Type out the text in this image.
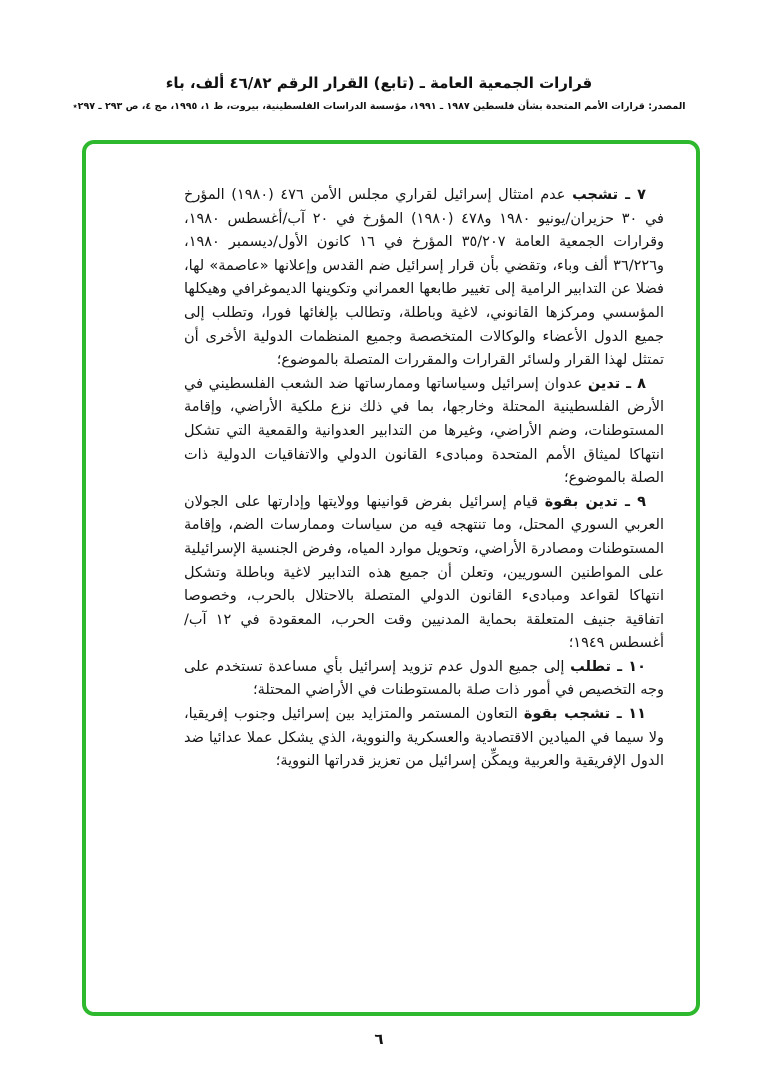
قرارات الجمعية العامة ـ (تابع) القرار الرقم ٤٦/٨٢ ألف، باء
المصدر: قرارات الأمم المتحدة بشأن فلسطين ١٩٨٧ ـ ١٩٩١، مؤسسة الدراسات الفلسطينية، بيروت، ط ١، ١٩٩٥، مج ٤، ص ٢٩٣ ـ ٢٩٧٭

٧ ـ تشجب عدم امتثال إسرائيل لقراري مجلس الأمن ٤٧٦ (١٩٨٠) المؤرخ في ٣٠ حزيران/يونيو ١٩٨٠ و٤٧٨ (١٩٨٠) المؤرخ في ٢٠ آب/أغسطس ١٩٨٠، وقرارات الجمعية العامة ٣٥/٢٠٧ المؤرخ في ١٦ كانون الأول/ديسمبر ١٩٨٠، و٣٦/٢٢٦ ألف وباء، وتقضي بأن قرار إسرائيل ضم القدس وإعلانها «عاصمة» لها، فضلا عن التدابير الرامية إلى تغيير طابعها العمراني وتكوينها الديموغرافي وهيكلها المؤسسي ومركزها القانوني، لاغية وباطلة، وتطالب بإلغائها فورا، وتطلب إلى جميع الدول الأعضاء والوكالات المتخصصة وجميع المنظمات الدولية الأخرى أن تمتثل لهذا القرار ولسائر القرارات والمقررات المتصلة بالموضوع؛

٨ ـ تدين عدوان إسرائيل وسياساتها وممارساتها ضد الشعب الفلسطيني في الأرض الفلسطينية المحتلة وخارجها، بما في ذلك نزع ملكية الأراضي، وإقامة المستوطنات، وضم الأراضي، وغيرها من التدابير العدوانية والقمعية التي تشكل انتهاكا لميثاق الأمم المتحدة ومبادىء القانون الدولي والاتفاقيات الدولية ذات الصلة بالموضوع؛

٩ ـ تدين بقوة قيام إسرائيل بفرض قوانينها وولايتها وإدارتها على الجولان العربي السوري المحتل، وما تنتهجه فيه من سياسات وممارسات الضم، وإقامة المستوطنات ومصادرة الأراضي، وتحويل موارد المياه، وفرض الجنسية الإسرائيلية على المواطنين السوريين، وتعلن أن جميع هذه التدابير لاغية وباطلة وتشكل انتهاكا لقواعد ومبادىء القانون الدولي المتصلة بالاحتلال بالحرب، وخصوصا اتفاقية جنيف المتعلقة بحماية المدنيين وقت الحرب، المعقودة في ١٢ آب/أغسطس ١٩٤٩؛

١٠ ـ تطلب إلى جميع الدول عدم تزويد إسرائيل بأي مساعدة تستخدم على وجه التخصيص في أمور ذات صلة بالمستوطنات في الأراضي المحتلة؛

١١ ـ تشجب بقوة التعاون المستمر والمتزايد بين إسرائيل وجنوب إفريقيا، ولا سيما في الميادين الاقتصادية والعسكرية والنووية، الذي يشكل عملا عدائيا ضد الدول الإفريقية والعربية ويمكِّن إسرائيل من تعزيز قدراتها النووية؛

٦
